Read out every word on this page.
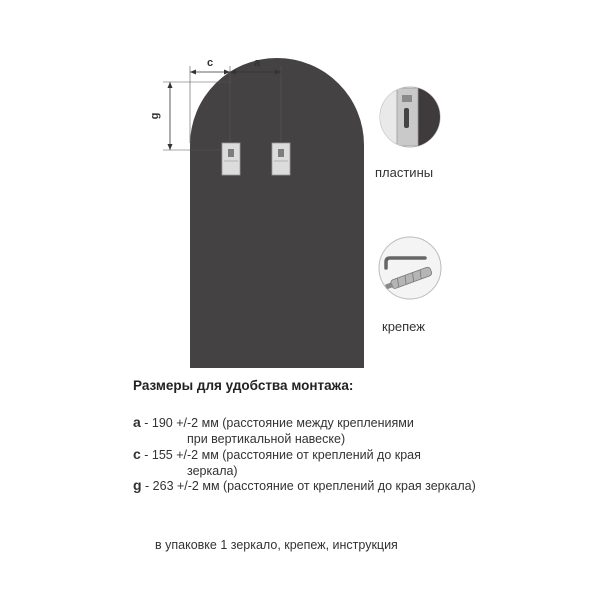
c	a
g
пластины
крепеж
Размеры для удобства монтажа:
a - 190 +/-2 мм (расстояние между креплениями
при вертикальной навеске)
c - 155 +/-2 мм (расстояние от креплений до края
зеркала)
g - 263 +/-2 мм (расстояние от креплений до края зеркала)
в упаковке 1 зеркало, крепеж, инструкция
